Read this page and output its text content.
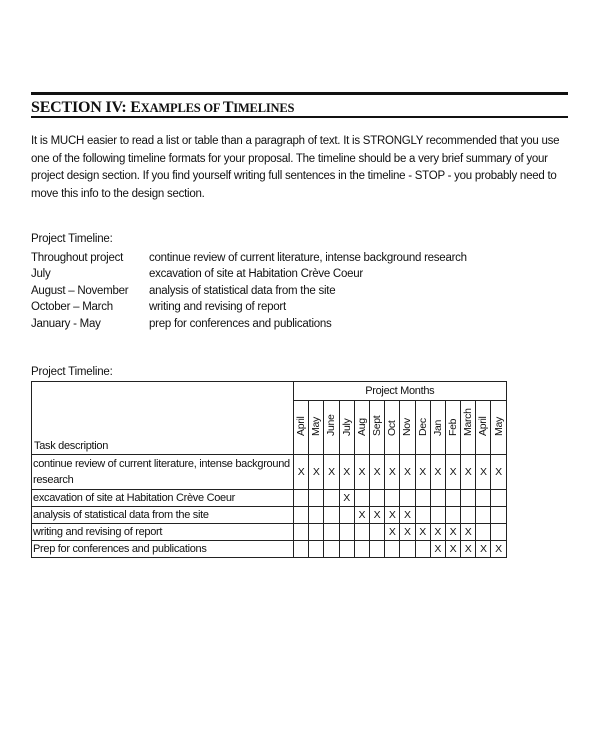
SECTION IV: EXAMPLES OF TIMELINES
It is MUCH easier to read a list or table than a paragraph of text. It is STRONGLY recommended that you use one of the following timeline formats for your proposal. The timeline should be a very brief summary of your project design section. If you find yourself writing full sentences in the timeline - STOP - you probably need to move this info to the design section.
Project Timeline:
Throughout project	continue review of current literature, intense background research
July	excavation of site at Habitation Crève Coeur
August – November	analysis of statistical data from the site
October – March	writing and revising of report
January - May	prep for conferences and publications
Project Timeline:
Task description	Project Months													

	April	May	June	July	Aug	Sept	Oct	Nov	Dec	Jan	Feb	March	April	May

continue review of current literature, intense background research	X	X	X	X	X	X	X	X	X	X	X	X	X	X
excavation of site at Habitation Crève Coeur				X										
analysis of statistical data from the site					X	X	X	X						
writing and revising of report							X	X	X	X	X	X		
Prep for conferences and publications										X	X	X	X	X
